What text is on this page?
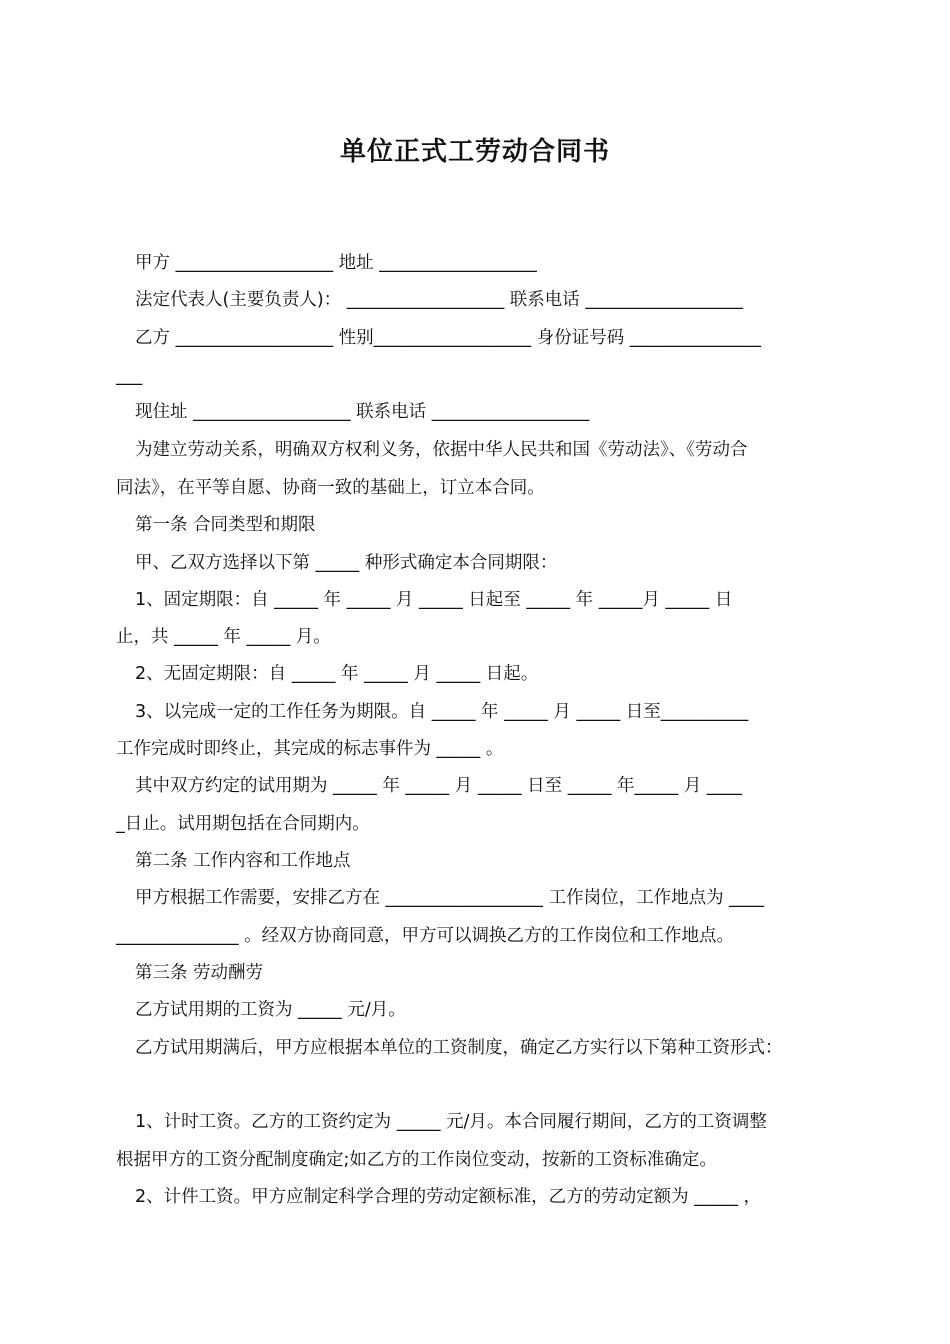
单位正式工劳动合同书
甲方 __________________ 地址 __________________
法定代表人(主要负责人)： __________________ 联系电话 __________________
乙方 __________________ 性别__________________ 身份证号码 _______________
___
现住址 __________________ 联系电话 __________________
为建立劳动关系，明确双方权利义务，依据中华人民共和国《劳动法》、《劳动合
同法》，在平等自愿、协商一致的基础上，订立本合同。
第一条 合同类型和期限
甲、乙双方选择以下第 _____ 种形式确定本合同期限：
1、固定期限：自 _____ 年 _____ 月 _____ 日起至 _____ 年 _____月 _____ 日
止，共 _____ 年 _____ 月。
2、无固定期限：自 _____ 年 _____ 月 _____ 日起。
3、以完成一定的工作任务为期限。自 _____ 年 _____ 月 _____ 日至__________
工作完成时即终止，其完成的标志事件为 _____ 。
其中双方约定的试用期为 _____ 年 _____ 月 _____ 日至 _____ 年_____ 月 ____
_日止。试用期包括在合同期内。
第二条 工作内容和工作地点
甲方根据工作需要，安排乙方在 __________________ 工作岗位，工作地点为 ____
______________ 。经双方协商同意，甲方可以调换乙方的工作岗位和工作地点。
第三条 劳动酬劳
乙方试用期的工资为 _____ 元/月。
乙方试用期满后，甲方应根据本单位的工资制度，确定乙方实行以下第种工资形式：
1、计时工资。乙方的工资约定为 _____ 元/月。本合同履行期间，乙方的工资调整
根据甲方的工资分配制度确定;如乙方的工作岗位变动，按新的工资标准确定。
2、计件工资。甲方应制定科学合理的劳动定额标准，乙方的劳动定额为 _____ ，
